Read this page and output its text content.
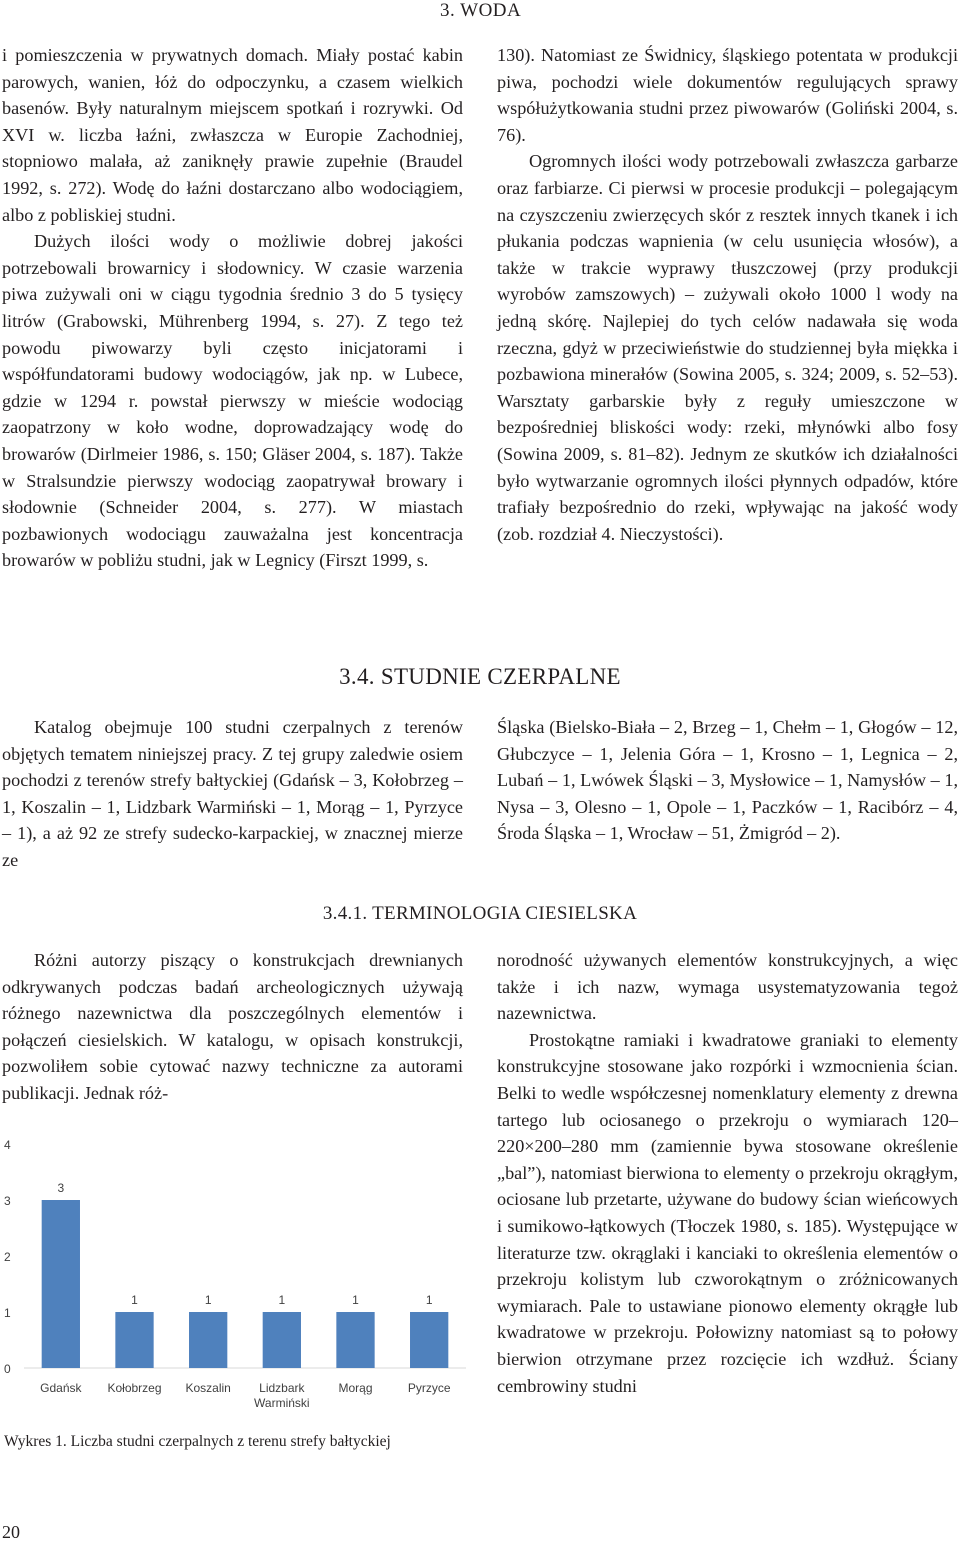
3. WODA

i pomieszczenia w prywatnych domach. Miały postać kabin parowych, wanien, łóż do odpoczynku, a czasem wielkich basenów. Były naturalnym miejscem spotkań i rozrywki. Od XVI w. liczba łaźni, zwłaszcza w Europie Zachodniej, stopniowo malała, aż zaniknęły prawie zupełnie (Braudel 1992, s. 272). Wodę do łaźni dostarczano albo wodociągiem, albo z pobliskiej studni.

Dużych ilości wody o możliwie dobrej jakości potrzebowali browarnicy i słodownicy. W czasie warzenia piwa zużywali oni w ciągu tygodnia średnio 3 do 5 tysięcy litrów (Grabowski, Mührenberg 1994, s. 27). Z tego też powodu piwowarzy byli często inicjatorami i współfundatorami budowy wodociągów, jak np. w Lubece, gdzie w 1294 r. powstał pierwszy w mieście wodociąg zaopatrzony w koło wodne, doprowadzający wodę do browarów (Dirlmeier 1986, s. 150; Gläser 2004, s. 187). Także w Stralsundzie pierwszy wodociąg zaopatrywał browary i słodownie (Schneider 2004, s. 277). W miastach pozbawionych wodociągu zauważalna jest koncentracja browarów w pobliżu studni, jak w Legnicy (Firszt 1999, s.

130). Natomiast ze Świdnicy, śląskiego potentata w produkcji piwa, pochodzi wiele dokumentów regulujących sprawy współużytkowania studni przez piwowarów (Goliński 2004, s. 76).

Ogromnych ilości wody potrzebowali zwłaszcza garbarze oraz farbiarze. Ci pierwsi w procesie produkcji – polegającym na czyszczeniu zwierzęcych skór z resztek innych tkanek i ich płukania podczas wapnienia (w celu usunięcia włosów), a także w trakcie wyprawy tłuszczowej (przy produkcji wyrobów zamszowych) – zużywali około 1000 l wody na jedną skórę. Najlepiej do tych celów nadawała się woda rzeczna, gdyż w przeciwieństwie do studziennej była miękka i pozbawiona minerałów (Sowina 2005, s. 324; 2009, s. 52–53). Warsztaty garbarskie były z reguły umieszczone w bezpośredniej bliskości wody: rzeki, młynówki albo fosy (Sowina 2009, s. 81–82). Jednym ze skutków ich działalności było wytwarzanie ogromnych ilości płynnych odpadów, które trafiały bezpośrednio do rzeki, wpływając na jakość wody (zob. rozdział 4. Nieczystości).

3.4. STUDNIE CZERPALNE

Katalog obejmuje 100 studni czerpalnych z terenów objętych tematem niniejszej pracy. Z tej grupy zaledwie osiem pochodzi z terenów strefy bałtyckiej (Gdańsk – 3, Kołobrzeg – 1, Koszalin – 1, Lidzbark Warmiński – 1, Morąg – 1, Pyrzyce – 1), a aż 92 ze strefy sudecko-karpackiej, w znacznej mierze ze

Śląska (Bielsko-Biała – 2, Brzeg – 1, Chełm – 1, Głogów – 12, Głubczyce – 1, Jelenia Góra – 1, Krosno – 1, Legnica – 2, Lubań – 1, Lwówek Śląski – 3, Mysłowice – 1, Namysłów – 1, Nysa – 3, Olesno – 1, Opole – 1, Paczków – 1, Racibórz – 4, Środa Śląska – 1, Wrocław – 51, Żmigród – 2).

3.4.1. TERMINOLOGIA CIESIELSKA

Różni autorzy piszący o konstrukcjach drewnianych odkrywanych podczas badań archeologicznych używają różnego nazewnictwa dla poszczególnych elementów i połączeń ciesielskich. W katalogu, w opisach konstrukcji, pozwoliłem sobie cytować nazwy techniczne za autorami publikacji. Jednak róż-

norodność używanych elementów konstrukcyjnych, a więc także i ich nazw, wymaga usystematyzowania tegoż nazewnictwa.

Prostokątne ramiaki i kwadratowe graniaki to elementy konstrukcyjne stosowane jako rozpórki i wzmocnienia ścian. Belki to wedle współczesnej nomenklatury elementy z drewna tartego lub ociosanego o przekroju o wymiarach 120–220×200–280 mm (zamiennie bywa stosowane określenie „bal”), natomiast bierwiona to elementy o przekroju okrągłym, ociosane lub przetarte, używane do budowy ścian wieńcowych i sumikowo-łątkowych (Tłoczek 1980, s. 185). Występujące w literaturze tzw. okrąglaki i kanciaki to określenia elementów o przekroju kolistym lub czworokątnym o zróżnicowanych wymiarach. Pale to ustawiane pionowo elementy okrągłe lub kwadratowe w przekroju. Połowizny natomiast są to połowy bierwion otrzymane przez rozcięcie ich wzdłuż. Ściany cembrowiny studni

0
1
2
3
4
3
Gdańsk
1
Kołobrzeg
1
Koszalin
1
Lidzbark
Warmiński
1
Morąg
1
Pyrzyce
Wykres 1. Liczba studni czerpalnych z terenu strefy bałtyckiej
20
